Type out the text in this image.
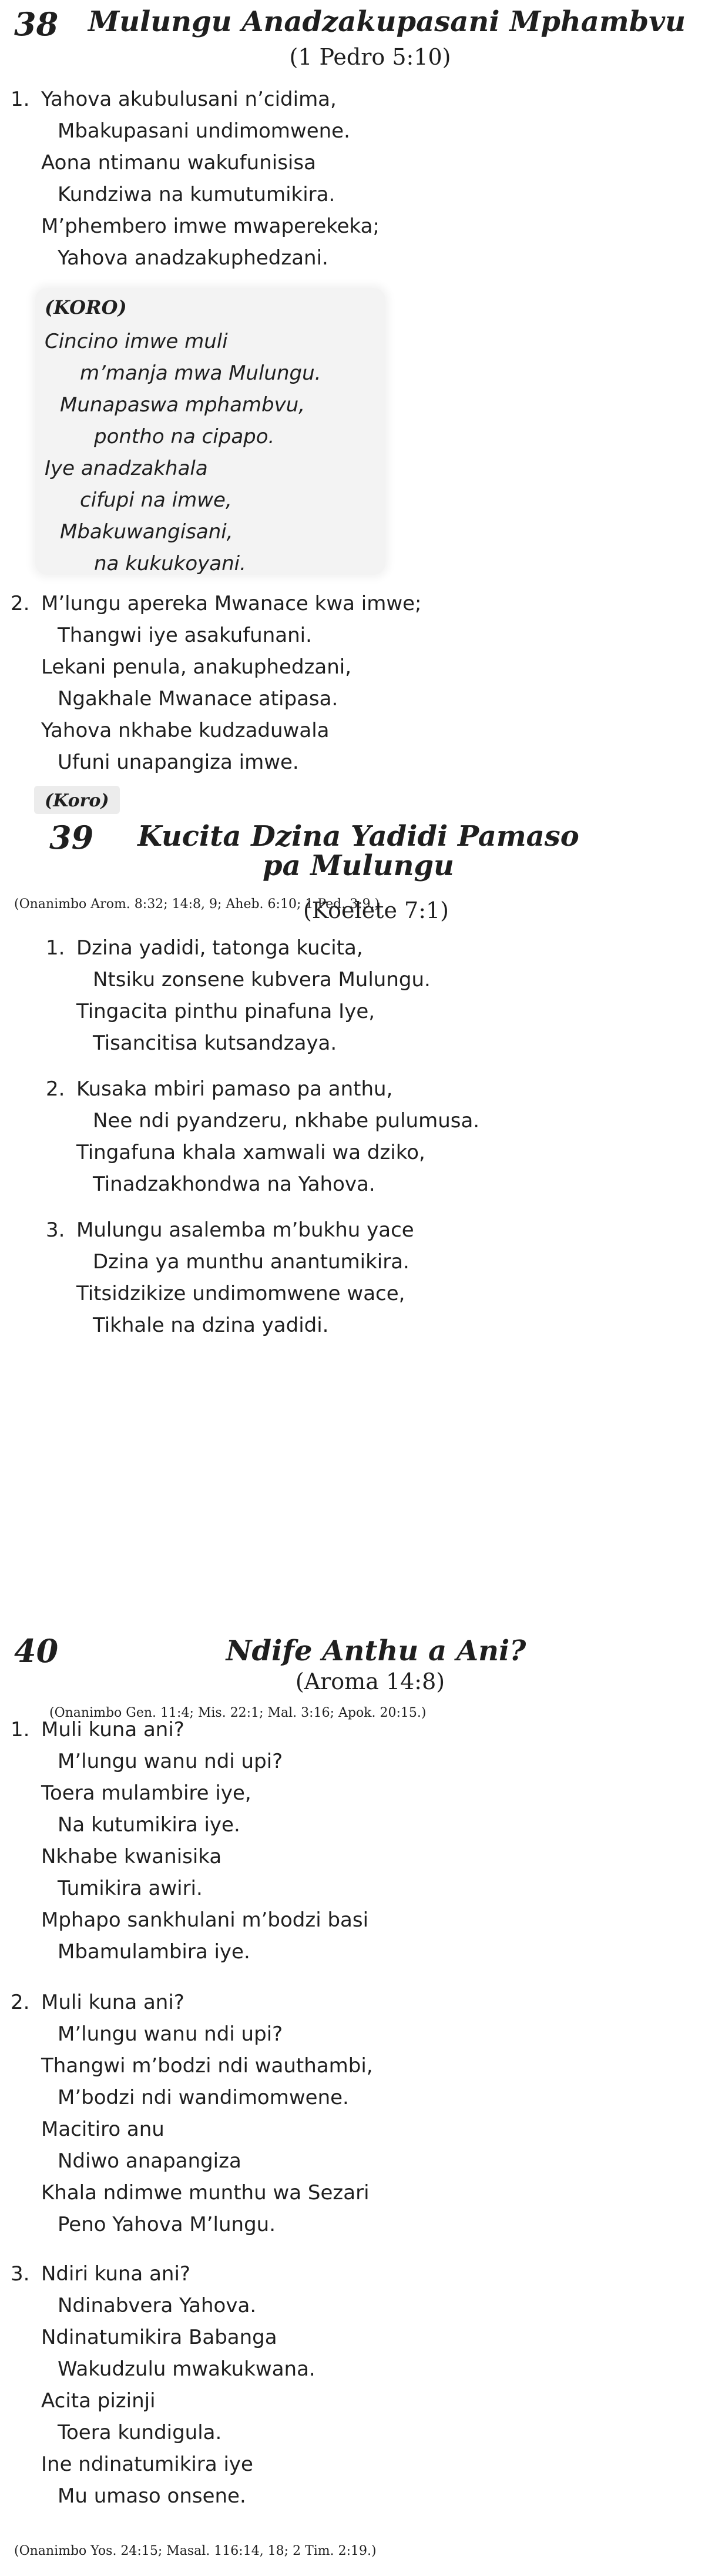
38 Mulungu Anadzakupasani Mphambvu
(1 Pedro 5:10)
1. Yahova akubulusani n’cidima,
Mbakupasani undimomwene.
Aona ntimanu wakufunisisa
Kundziwa na kumutumikira.
M’phembero imwe mwaperekeka;
Yahova anadzakuphedzani.
(KORO)
Cincino imwe muli
m’manja mwa Mulungu.
Munapaswa mphambvu,
pontho na cipapo.
Iye anadzakhala
cifupi na imwe,
Mbakuwangisani,
na kukukoyani.
2. M’lungu apereka Mwanace kwa imwe;
Thangwi iye asakufunani.
Lekani penula, anakuphedzani,
Ngakhale Mwanace atipasa.
Yahova nkhabe kudzaduwala
Ufuni unapangiza imwe.
(Koro)
39 Kucita Dzina Yadidi Pamaso
pa Mulungu
(Koelete 7:1)
(Onanimbo Arom. 8:32; 14:8, 9; Aheb. 6:10; 1 Ped. 3:9.)
1. Dzina yadidi, tatonga kucita,
Ntsiku zonsene kubvera Mulungu.
Tingacita pinthu pinafuna Iye,
Tisancitisa kutsandzaya.
2. Kusaka mbiri pamaso pa anthu,
Nee ndi pyandzeru, nkhabe pulumusa.
Tingafuna khala xamwali wa dziko,
Tinadzakhondwa na Yahova.
3. Mulungu asalemba m’bukhu yace
Dzina ya munthu anantumikira.
Titsidzikize undimomwene wace,
Tikhale na dzina yadidi.
40	Ndife Anthu a Ani?
(Aroma 14:8)
(Onanimbo Gen. 11:4; Mis. 22:1; Mal. 3:16; Apok. 20:15.)
1. Muli kuna ani?
M’lungu wanu ndi upi?
Toera mulambire iye,
Na kutumikira iye.
Nkhabe kwanisika
Tumikira awiri.
Mphapo sankhulani m’bodzi basi
Mbamulambira iye.
2. Muli kuna ani?
M’lungu wanu ndi upi?
Thangwi m’bodzi ndi wauthambi,
M’bodzi ndi wandimomwene.
Macitiro anu
Ndiwo anapangiza
Khala ndimwe munthu wa Sezari
Peno Yahova M’lungu.
3. Ndiri kuna ani?
Ndinabvera Yahova.
Ndinatumikira Babanga
Wakudzulu mwakukwana.
Acita pizinji
Toera kundigula.
Ine ndinatumikira iye
Mu umaso onsene.
(Onanimbo Yos. 24:15; Masal. 116:14, 18; 2 Tim. 2:19.)
